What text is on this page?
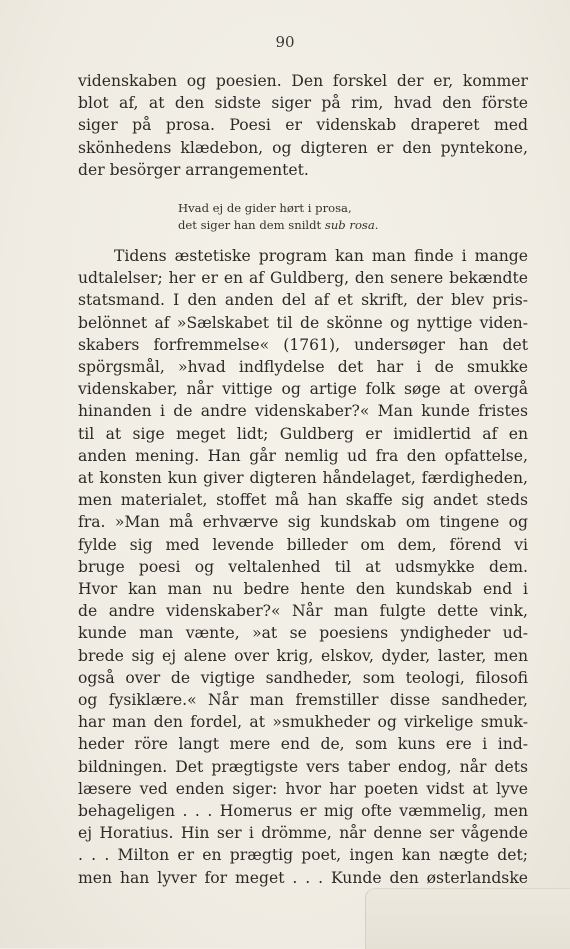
90
videnskaben og poesien. Den forskel der er, kommer
blot af, at den sidste siger på rim, hvad den förste
siger på prosa. Poesi er videnskab draperet med
skönhedens klædebon, og digteren er den pyntekone,
der besörger arrangementet.
Hvad ej de gider hørt i prosa,
det siger han dem snildt sub rosa.
Tidens æstetiske program kan man finde i mange
udtalelser; her er en af Guldberg, den senere bekændte
statsmand. I den anden del af et skrift, der blev pris-
belönnet af »Sælskabet til de skönne og nyttige viden-
skabers forfremmelse« (1761), undersøger han det
spörgsmål, »hvad indflydelse det har i de smukke
videnskaber, når vittige og artige folk søge at overgå
hinanden i de andre videnskaber?« Man kunde fristes
til at sige meget lidt; Guldberg er imidlertid af en
anden mening. Han går nemlig ud fra den opfattelse,
at konsten kun giver digteren håndelaget, færdigheden,
men materialet, stoffet må han skaffe sig andet steds
fra. »Man må erhværve sig kundskab om tingene og
fylde sig med levende billeder om dem, förend vi
bruge poesi og veltalenhed til at udsmykke dem.
Hvor kan man nu bedre hente den kundskab end i
de andre videnskaber?« Når man fulgte dette vink,
kunde man vænte, »at se poesiens yndigheder ud-
brede sig ej alene over krig, elskov, dyder, laster, men
også over de vigtige sandheder, som teologi, filosofi
og fysiklære.« Når man fremstiller disse sandheder,
har man den fordel, at »smukheder og virkelige smuk-
heder röre langt mere end de, som kuns ere i ind-
bildningen. Det prægtigste vers taber endog, når dets
læsere ved enden siger: hvor har poeten vidst at lyve
behageligen . . . Homerus er mig ofte væmmelig, men
ej Horatius. Hin ser i drömme, når denne ser vågende
. . . Milton er en prægtig poet, ingen kan nægte det;
men han lyver for meget . . . Kunde den østerlandske
